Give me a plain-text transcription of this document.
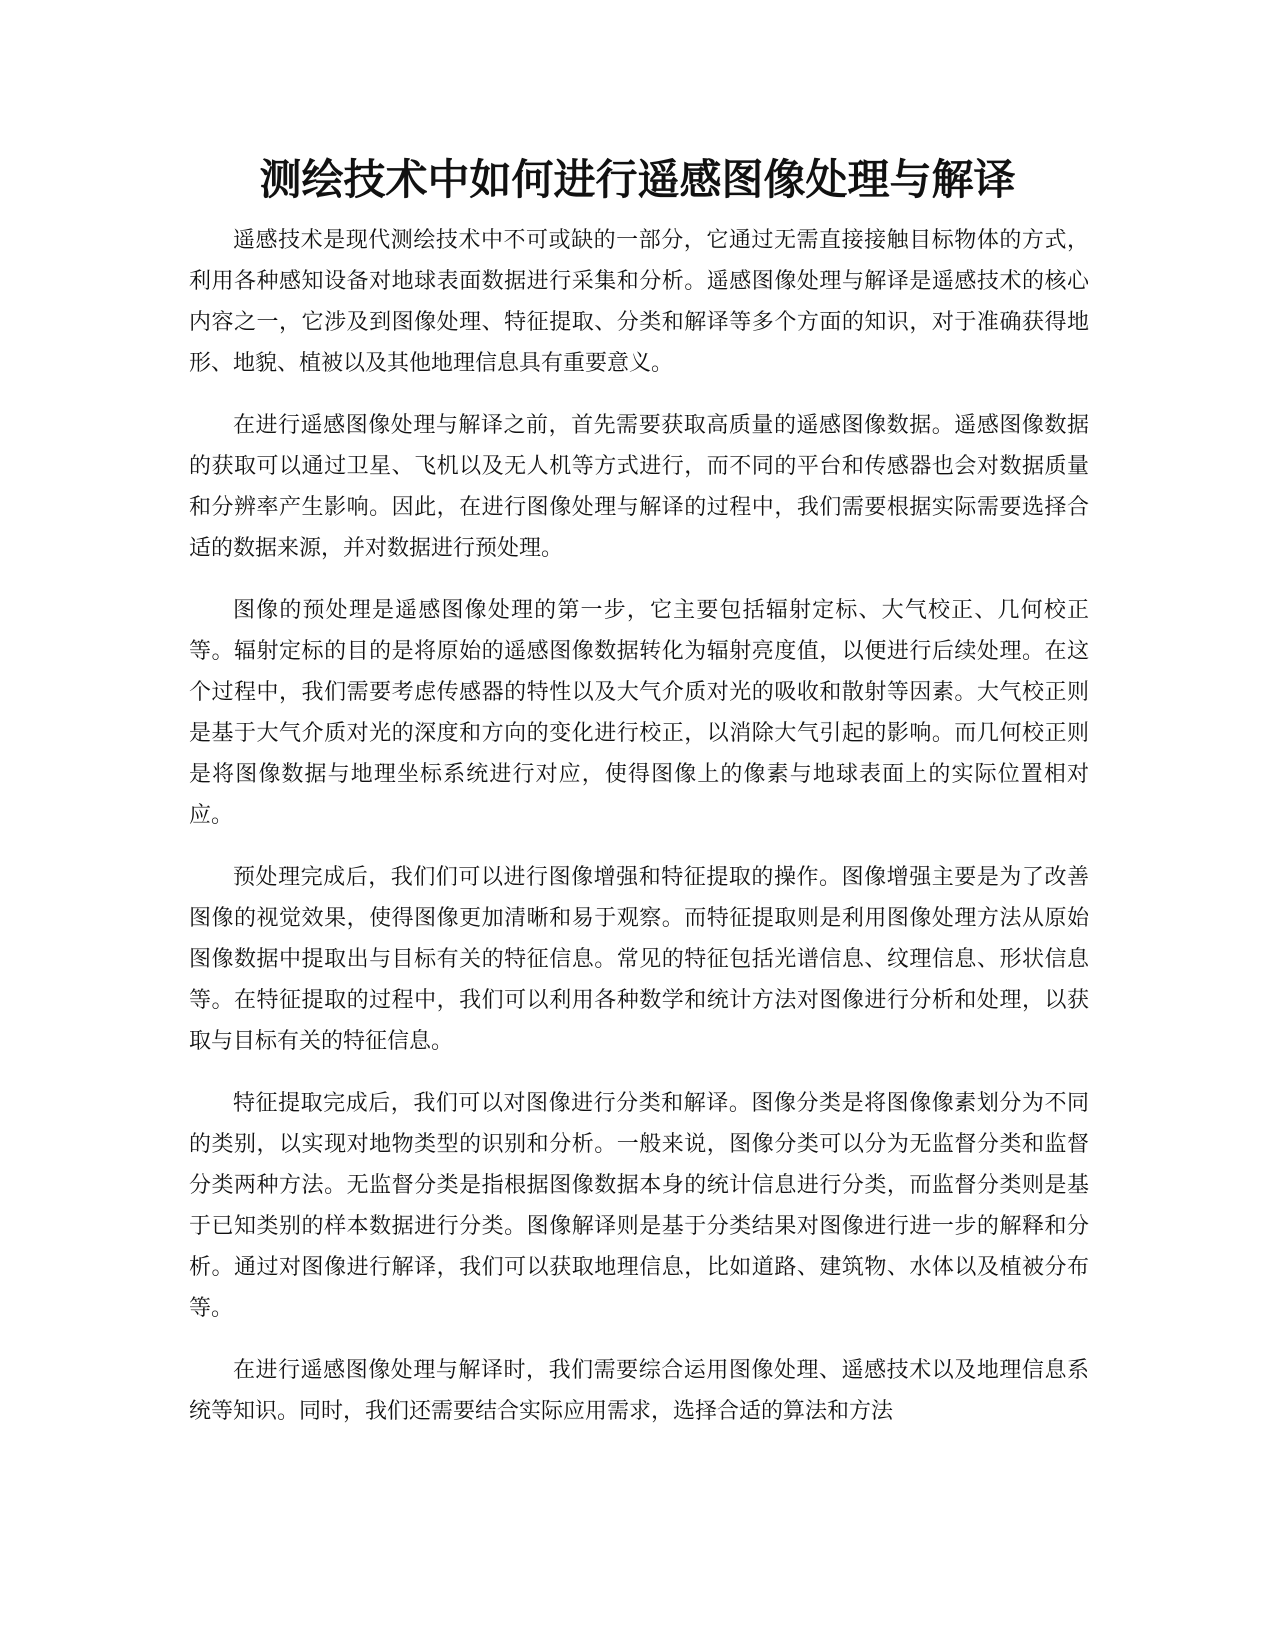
测绘技术中如何进行遥感图像处理与解译

遥感技术是现代测绘技术中不可或缺的一部分，它通过无需直接接触目标物体的方式，利用各种感知设备对地球表面数据进行采集和分析。遥感图像处理与解译是遥感技术的核心内容之一，它涉及到图像处理、特征提取、分类和解译等多个方面的知识，对于准确获得地形、地貌、植被以及其他地理信息具有重要意义。

在进行遥感图像处理与解译之前，首先需要获取高质量的遥感图像数据。遥感图像数据的获取可以通过卫星、飞机以及无人机等方式进行，而不同的平台和传感器也会对数据质量和分辨率产生影响。因此，在进行图像处理与解译的过程中，我们需要根据实际需要选择合适的数据来源，并对数据进行预处理。

图像的预处理是遥感图像处理的第一步，它主要包括辐射定标、大气校正、几何校正等。辐射定标的目的是将原始的遥感图像数据转化为辐射亮度值，以便进行后续处理。在这个过程中，我们需要考虑传感器的特性以及大气介质对光的吸收和散射等因素。大气校正则是基于大气介质对光的深度和方向的变化进行校正，以消除大气引起的影响。而几何校正则是将图像数据与地理坐标系统进行对应，使得图像上的像素与地球表面上的实际位置相对应。

预处理完成后，我们们可以进行图像增强和特征提取的操作。图像增强主要是为了改善图像的视觉效果，使得图像更加清晰和易于观察。而特征提取则是利用图像处理方法从原始图像数据中提取出与目标有关的特征信息。常见的特征包括光谱信息、纹理信息、形状信息等。在特征提取的过程中，我们可以利用各种数学和统计方法对图像进行分析和处理，以获取与目标有关的特征信息。

特征提取完成后，我们可以对图像进行分类和解译。图像分类是将图像像素划分为不同的类别，以实现对地物类型的识别和分析。一般来说，图像分类可以分为无监督分类和监督分类两种方法。无监督分类是指根据图像数据本身的统计信息进行分类，而监督分类则是基于已知类别的样本数据进行分类。图像解译则是基于分类结果对图像进行进一步的解释和分析。通过对图像进行解译，我们可以获取地理信息，比如道路、建筑物、水体以及植被分布等。

在进行遥感图像处理与解译时，我们需要综合运用图像处理、遥感技术以及地理信息系统等知识。同时，我们还需要结合实际应用需求，选择合适的算法和方法
